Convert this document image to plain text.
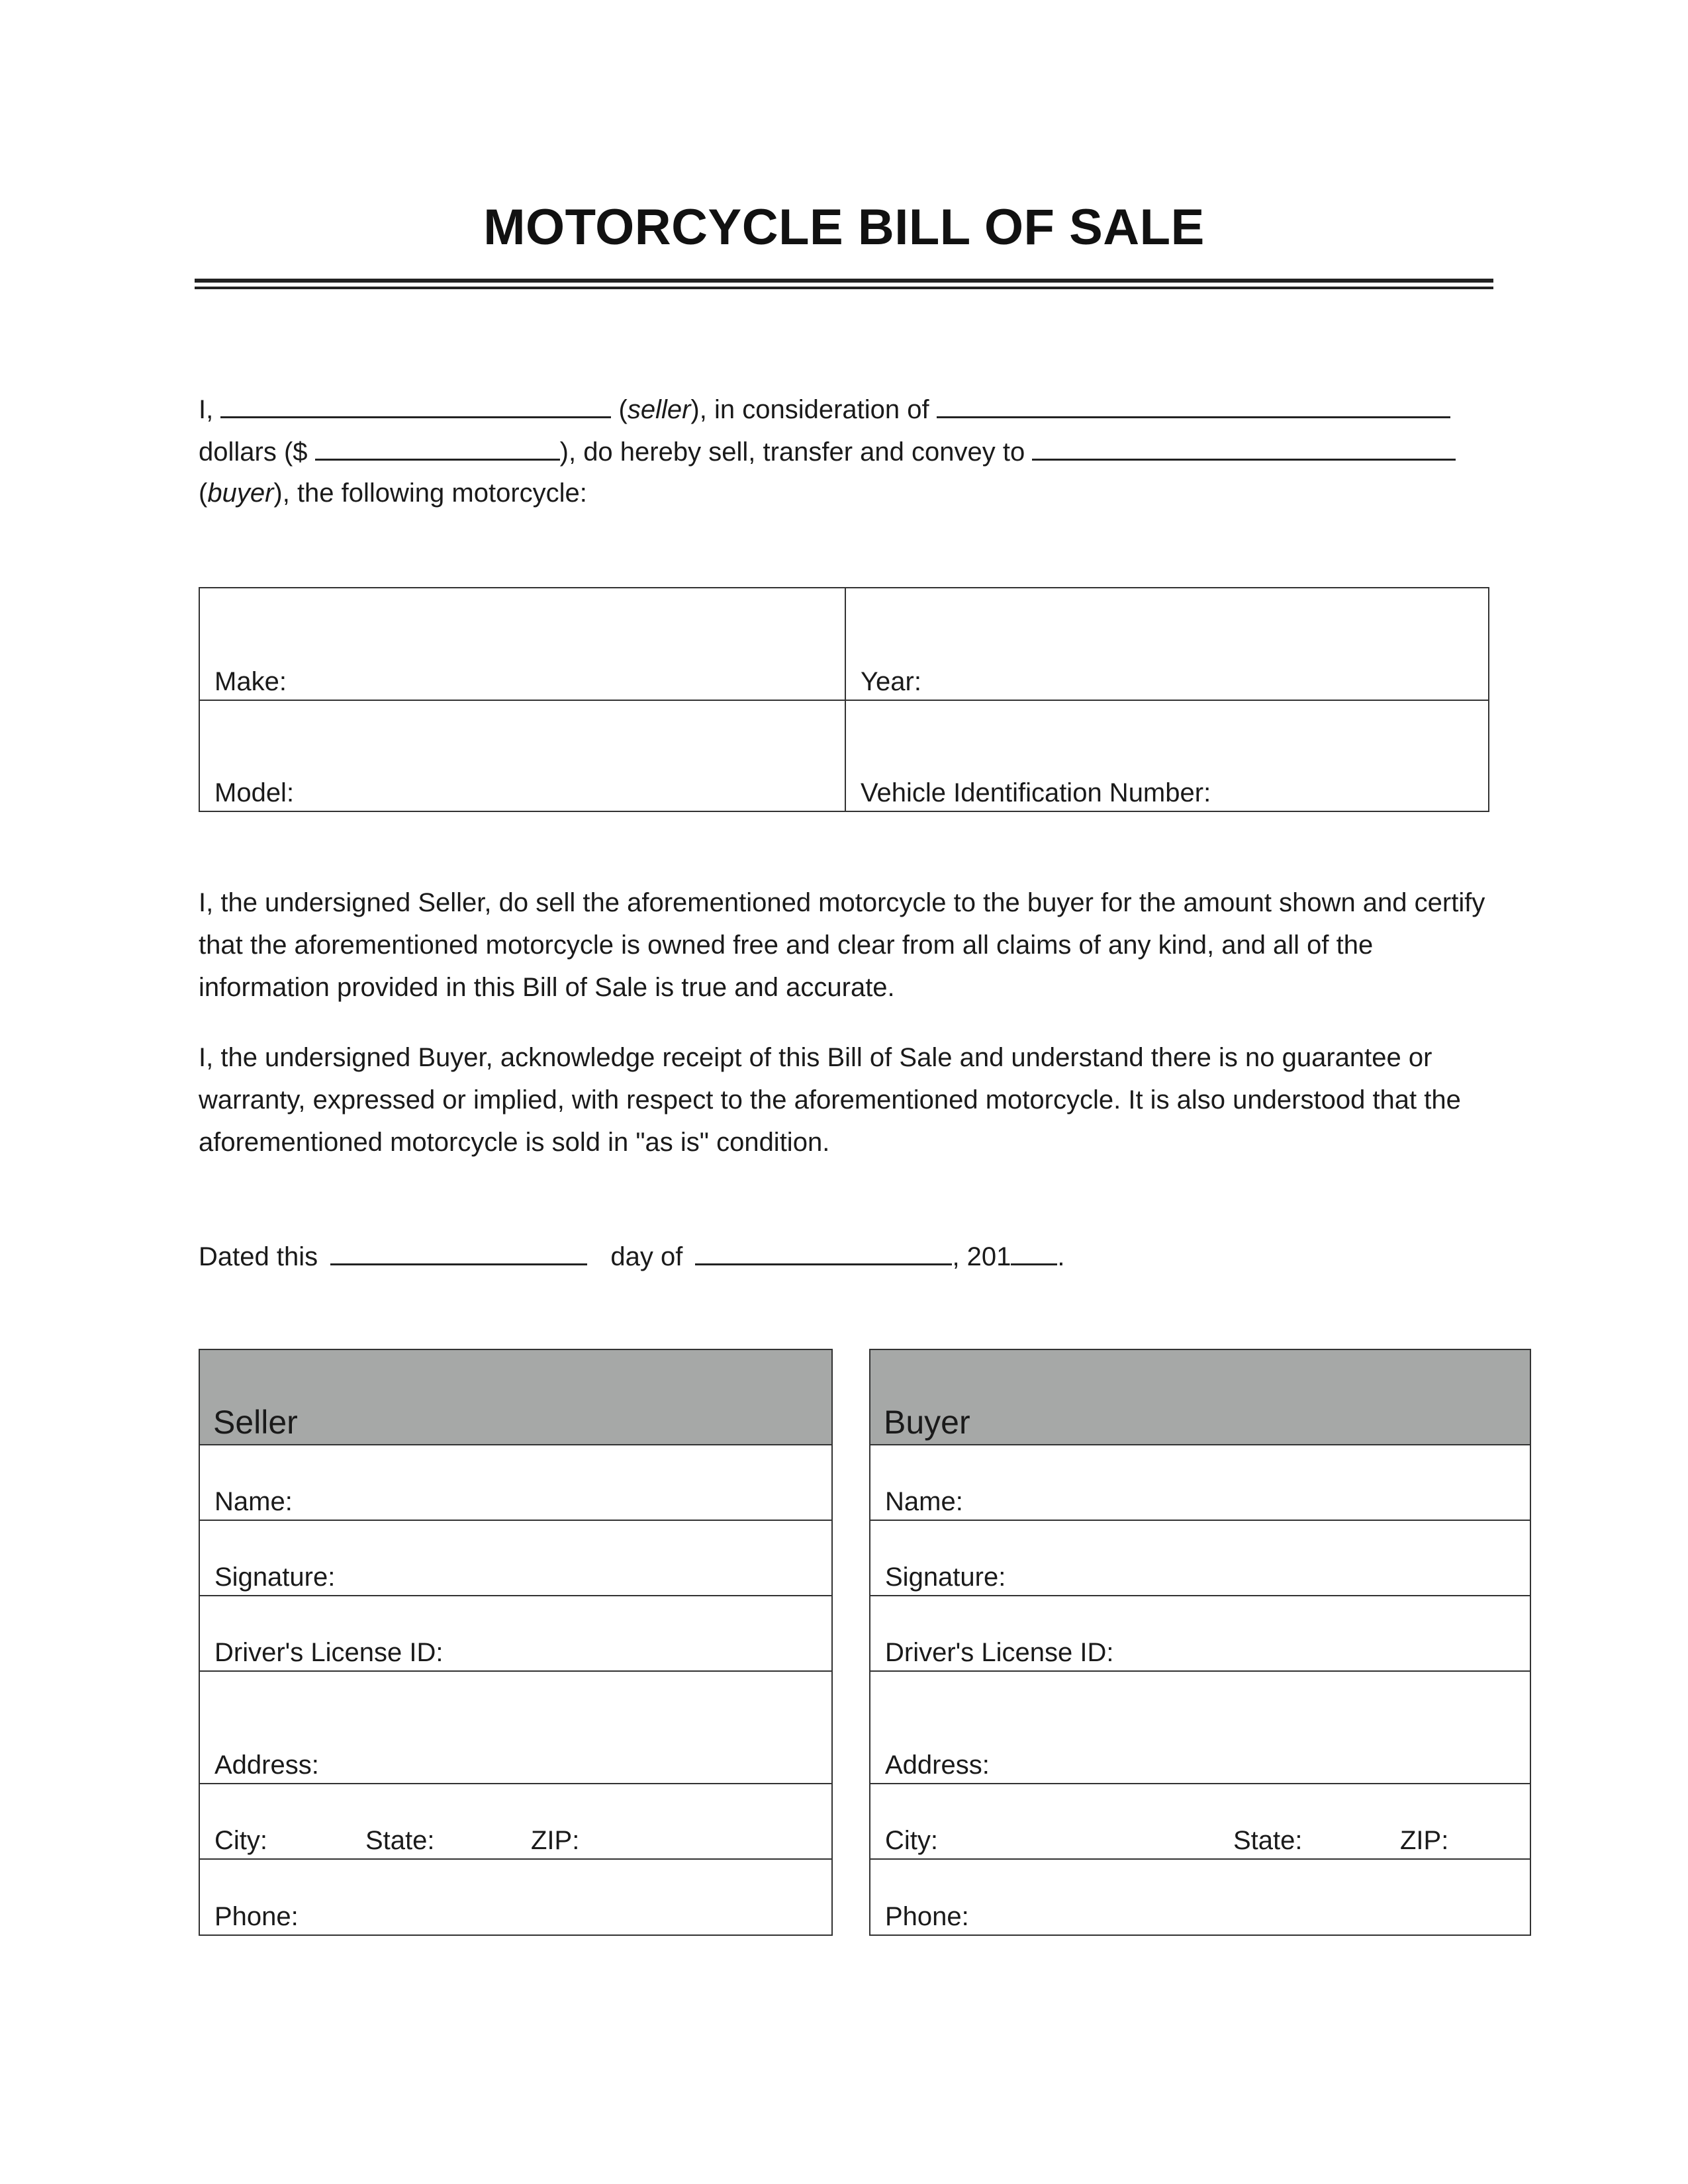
MOTORCYCLE BILL OF SALE
I,	(seller), in consideration of
dollars ($	), do hereby sell, transfer and convey to
(buyer), the following motorcycle:
Make:	Year:
Model:	Vehicle Identification Number:
I, the undersigned Seller, do sell the aforementioned motorcycle to the buyer for the amount shown and certify that the aforementioned motorcycle is owned free and clear from all claims of any kind, and all of the information provided in this Bill of Sale is true and accurate.
I, the undersigned Buyer, acknowledge receipt of this Bill of Sale and understand there is no guarantee or warranty, expressed or implied, with respect to the aforementioned motorcycle. It is also understood that the aforementioned motorcycle is sold in "as is" condition.
Dated this	day of	, 201 .
Seller
Name:
Signature:
Driver's License ID:
Address:
City:	State:	ZIP:
Phone:
Buyer
Name:
Signature:
Driver's License ID:
Address:
City:	State:	ZIP:
Phone:
